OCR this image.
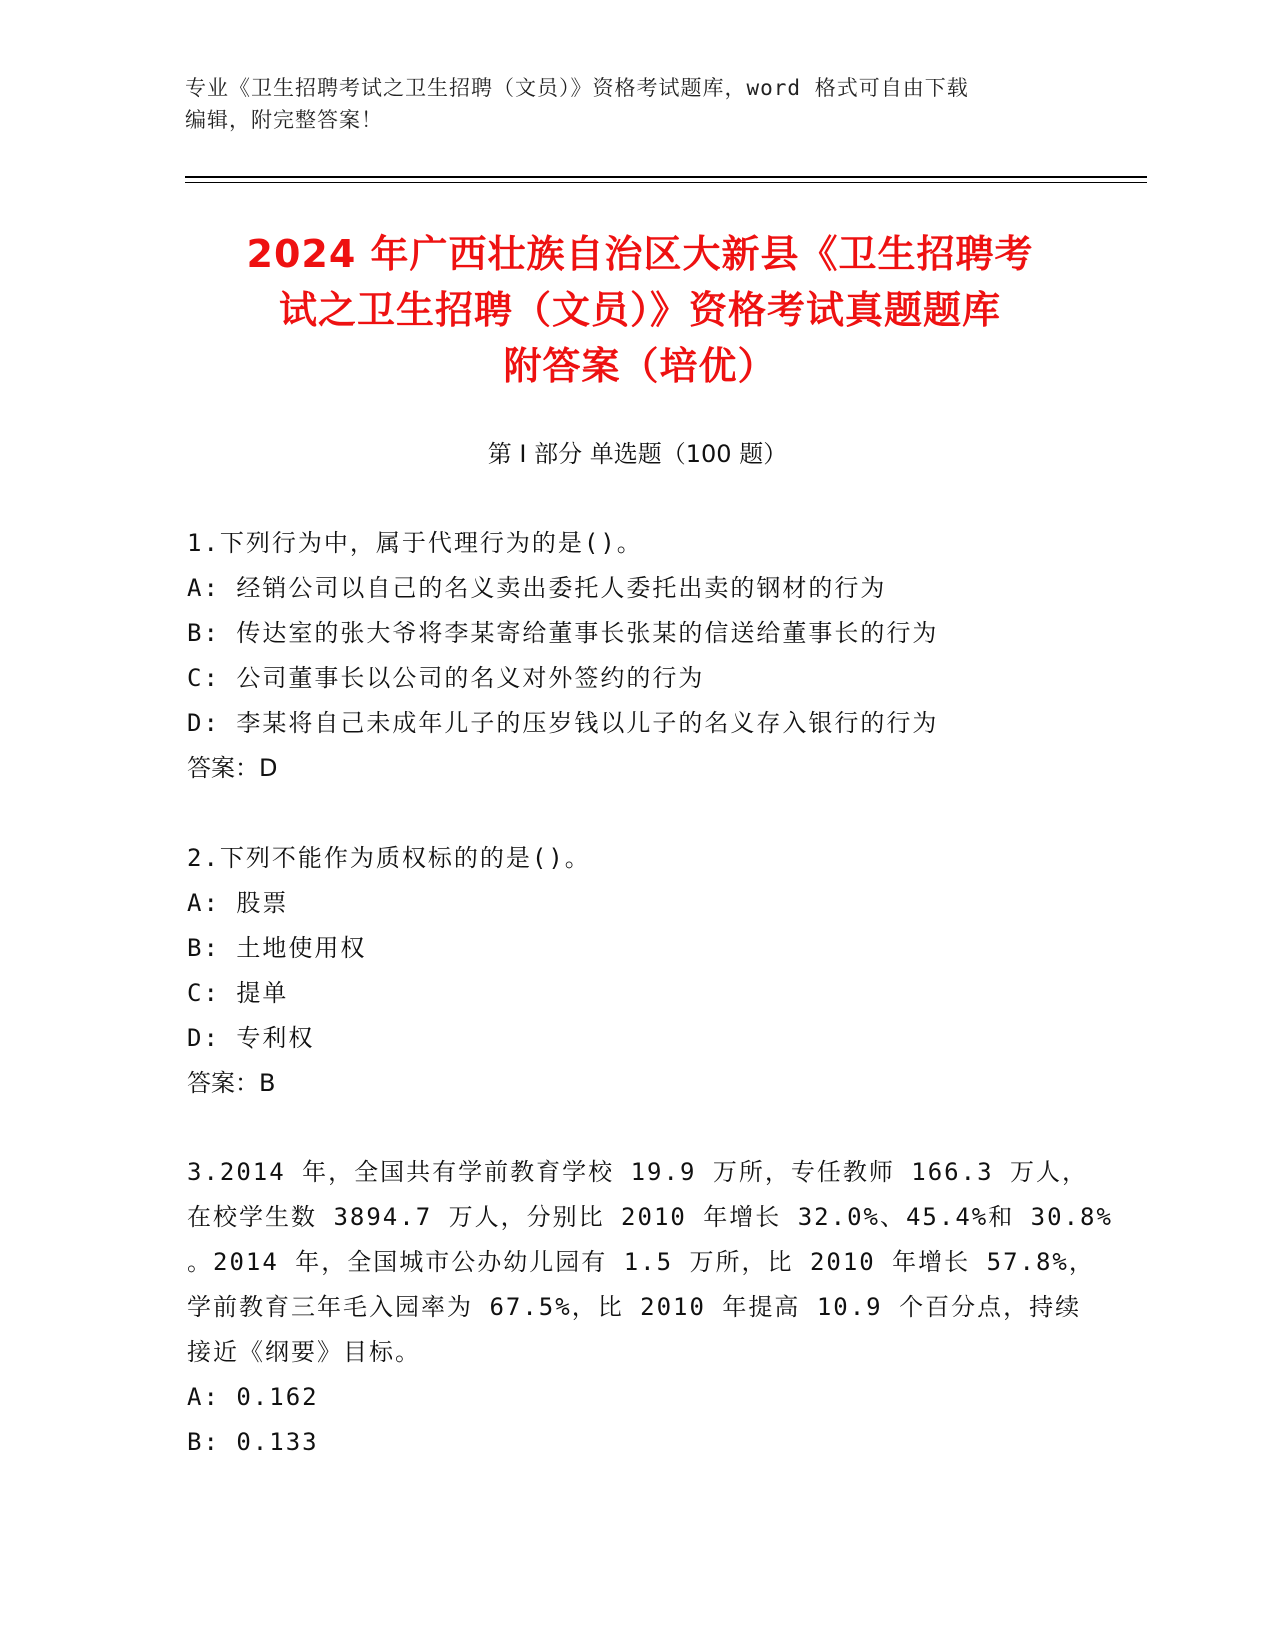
专业《卫生招聘考试之卫生招聘（文员）》资格考试题库，word 格式可自由下载
编辑，附完整答案！
2024 年广西壮族自治区大新县《卫生招聘考
试之卫生招聘（文员）》资格考试真题题库
附答案（培优）
第 I 部分 单选题（100 题）
1.下列行为中，属于代理行为的是()。
A: 经销公司以自己的名义卖出委托人委托出卖的钢材的行为
B: 传达室的张大爷将李某寄给董事长张某的信送给董事长的行为
C: 公司董事长以公司的名义对外签约的行为
D: 李某将自己未成年儿子的压岁钱以儿子的名义存入银行的行为
答案：D
2.下列不能作为质权标的的是()。
A: 股票
B: 土地使用权
C: 提单
D: 专利权
答案：B
3.2014 年，全国共有学前教育学校 19.9 万所，专任教师 166.3 万人，
在校学生数 3894.7 万人，分别比 2010 年增长 32.0%、45.4%和 30.8%
。2014 年，全国城市公办幼儿园有 1.5 万所，比 2010 年增长 57.8%，
学前教育三年毛入园率为 67.5%，比 2010 年提高 10.9 个百分点，持续
接近《纲要》目标。
A: 0.162
B: 0.133
